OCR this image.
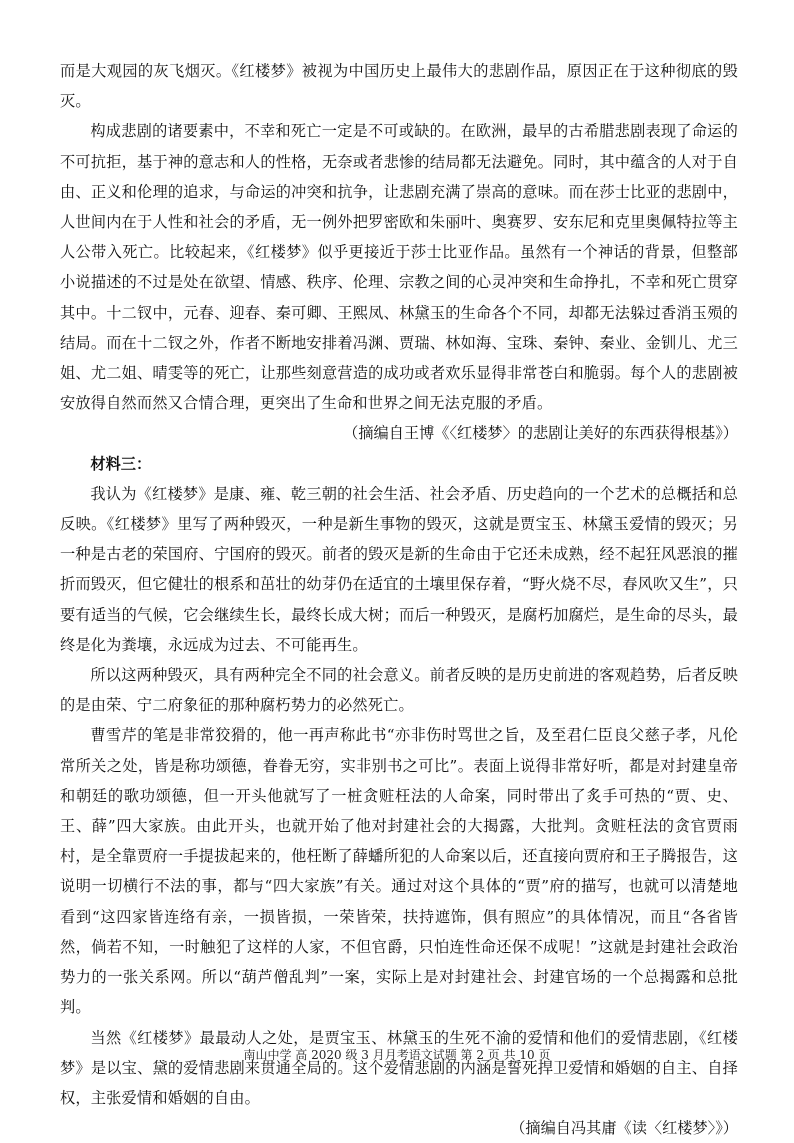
而是大观园的灰飞烟灭。《红楼梦》被视为中国历史上最伟大的悲剧作品，原因正在于这种彻底的毁灭。

构成悲剧的诸要素中，不幸和死亡一定是不可或缺的。在欧洲，最早的古希腊悲剧表现了命运的不可抗拒，基于神的意志和人的性格，无奈或者悲惨的结局都无法避免。同时，其中蕴含的人对于自由、正义和伦理的追求，与命运的冲突和抗争，让悲剧充满了崇高的意味。而在莎士比亚的悲剧中，人世间内在于人性和社会的矛盾，无一例外把罗密欧和朱丽叶、奥赛罗、安东尼和克里奥佩特拉等主人公带入死亡。比较起来，《红楼梦》似乎更接近于莎士比亚作品。虽然有一个神话的背景，但整部小说描述的不过是处在欲望、情感、秩序、伦理、宗教之间的心灵冲突和生命挣扎，不幸和死亡贯穿其中。十二钗中，元春、迎春、秦可卿、王熙凤、林黛玉的生命各个不同，却都无法躲过香消玉殒的结局。而在十二钗之外，作者不断地安排着冯渊、贾瑞、林如海、宝珠、秦钟、秦业、金钏儿、尤三姐、尤二姐、晴雯等的死亡，让那些刻意营造的成功或者欢乐显得非常苍白和脆弱。每个人的悲剧被安放得自然而然又合情合理，更突出了生命和世界之间无法克服的矛盾。

（摘编自王博《〈红楼梦〉的悲剧让美好的东西获得根基》）

材料三：

我认为《红楼梦》是康、雍、乾三朝的社会生活、社会矛盾、历史趋向的一个艺术的总概括和总反映。《红楼梦》里写了两种毁灭，一种是新生事物的毁灭，这就是贾宝玉、林黛玉爱情的毁灭；另一种是古老的荣国府、宁国府的毁灭。前者的毁灭是新的生命由于它还未成熟，经不起狂风恶浪的摧折而毁灭，但它健壮的根系和茁壮的幼芽仍在适宜的土壤里保存着，“野火烧不尽，春风吹又生”，只要有适当的气候，它会继续生长，最终长成大树；而后一种毁灭，是腐朽加腐烂，是生命的尽头，最终是化为粪壤，永远成为过去、不可能再生。

所以这两种毁灭，具有两种完全不同的社会意义。前者反映的是历史前进的客观趋势，后者反映的是由荣、宁二府象征的那种腐朽势力的必然死亡。

曹雪芹的笔是非常狡猾的，他一再声称此书“亦非伤时骂世之旨，及至君仁臣良父慈子孝，凡伦常所关之处，皆是称功颂德，眷眷无穷，实非别书之可比”。表面上说得非常好听，都是对封建皇帝和朝廷的歌功颂德，但一开头他就写了一桩贪赃枉法的人命案，同时带出了炙手可热的“贾、史、王、薛”四大家族。由此开头，也就开始了他对封建社会的大揭露，大批判。贪赃枉法的贪官贾雨村，是全靠贾府一手提拔起来的，他枉断了薛蟠所犯的人命案以后，还直接向贾府和王子腾报告，这说明一切横行不法的事，都与“四大家族”有关。通过对这个具体的“贾”府的描写，也就可以清楚地看到“这四家皆连络有亲，一损皆损，一荣皆荣，扶持遮饰，俱有照应”的具体情况，而且“各省皆然，倘若不知，一时触犯了这样的人家，不但官爵，只怕连性命还保不成呢！”这就是封建社会政治势力的一张关系网。所以“葫芦僧乱判”一案，实际上是对封建社会、封建官场的一个总揭露和总批判。

当然《红楼梦》最最动人之处，是贾宝玉、林黛玉的生死不渝的爱情和他们的爱情悲剧，《红楼梦》是以宝、黛的爱情悲剧来贯通全局的。这个爱情悲剧的内涵是誓死捍卫爱情和婚姻的自主、自择权，主张爱情和婚姻的自由。

（摘编自冯其庸《读〈红楼梦〉》）

南山中学 高 2020 级 3 月月考语文试题 第 2 页 共 10 页
